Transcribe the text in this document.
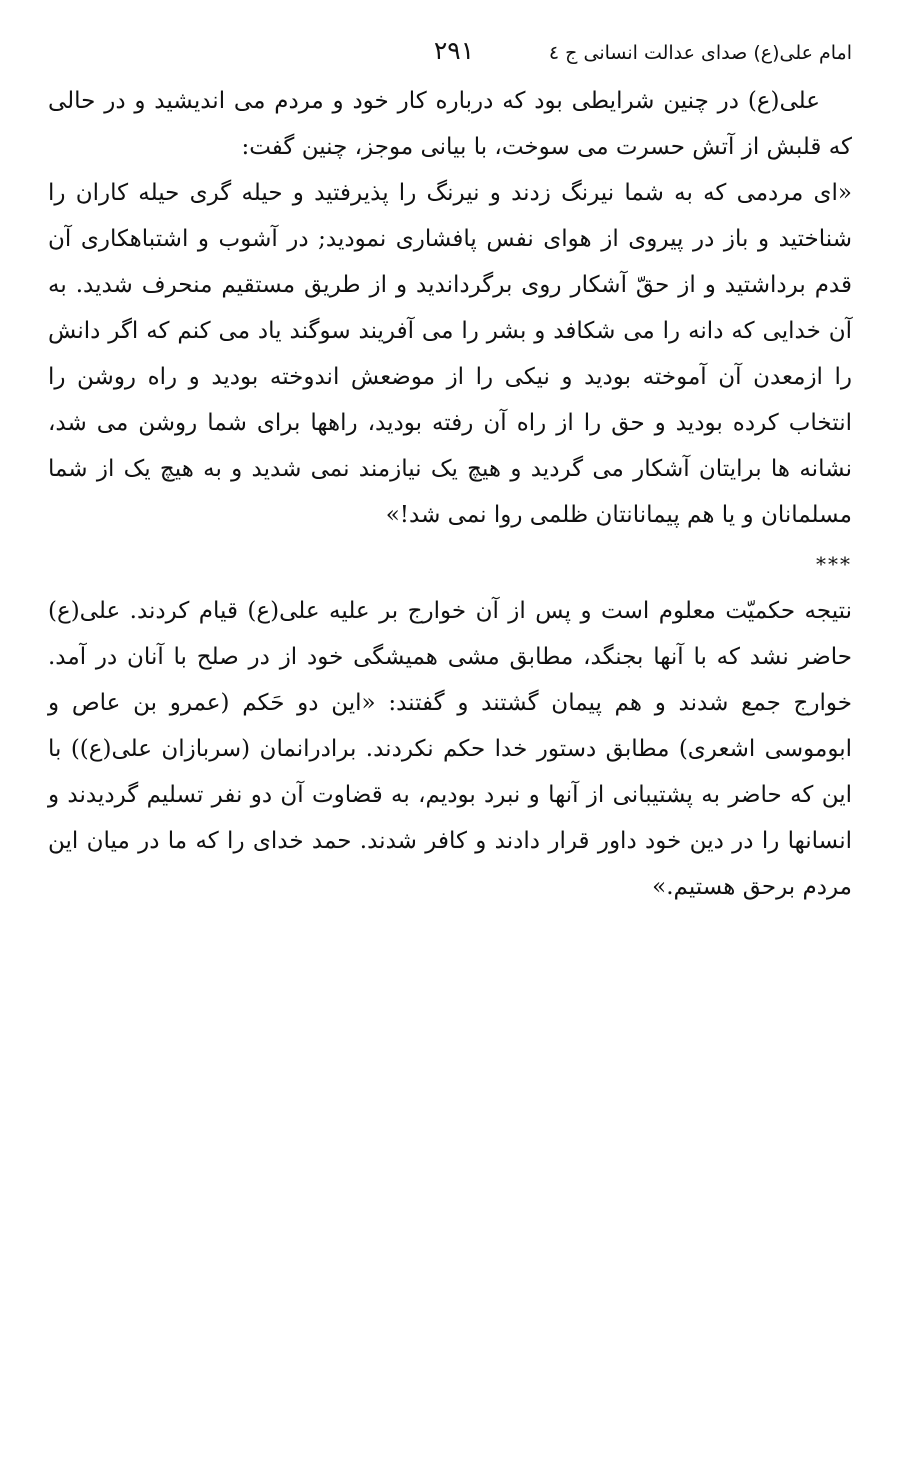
امام علی(ع) صدای عدالت انسانی ج ٤
٢٩١

علی(ع) در چنین شرایطی بود که درباره کار خود و مردم می اندیشید و در حالی که قلبش از آتش حسرت می سوخت، با بیانی موجز، چنین گفت:

«ای مردمی که به شما نیرنگ زدند و نیرنگ را پذیرفتید و حیله گری حیله کاران را شناختید و باز در پیروی از هوای نفس پافشاری نمودید; در آشوب و اشتباهکاری آن قدم برداشتید و از حقّ آشکار روی برگرداندید و از طریق مستقیم منحرف شدید. به آن خدایی که دانه را می شکافد و بشر را می آفریند سوگند یاد می کنم که اگر دانش را ازمعدن آن آموخته بودید و نیکی را از موضعش اندوخته بودید و راه روشن را انتخاب کرده بودید و حق را از راه آن رفته بودید، راهها برای شما روشن می شد، نشانه ها برایتان آشکار می گردید و هیچ یک نیازمند نمی شدید و به هیچ یک از شما مسلمانان و یا هم پیمانانتان ظلمی روا نمی شد!»

***

نتیجه حکمیّت معلوم است و پس از آن خوارج بر علیه علی(ع) قیام کردند. علی(ع) حاضر نشد که با آنها بجنگد، مطابق مشی همیشگی خود از در صلح با آنان در آمد. خوارج جمع شدند و هم پیمان گشتند و گفتند: «این دو حَکم (عمرو بن عاص و ابوموسی اشعری) مطابق دستور خدا حکم نکردند. برادرانمان (سربازان علی(ع)) با این که حاضر به پشتیبانی از آنها و نبرد بودیم، به قضاوت آن دو نفر تسلیم گردیدند و انسانها را در دین خود داور قرار دادند و کافر شدند. حمد خدای را که ما در میان این مردم برحق هستیم.»
